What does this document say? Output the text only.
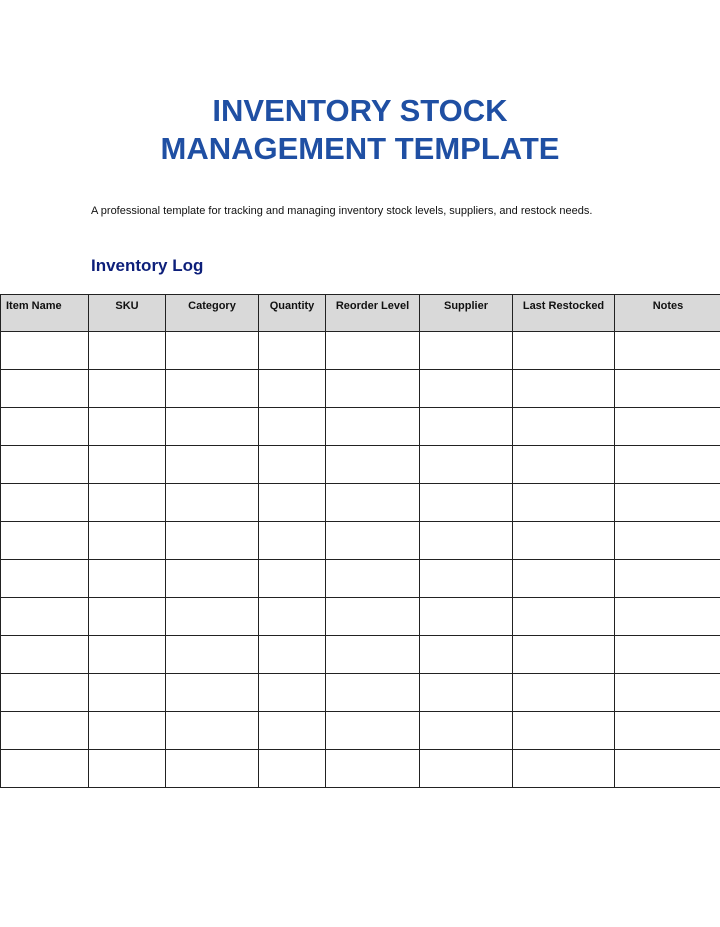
INVENTORY STOCK
MANAGEMENT TEMPLATE
A professional template for tracking and managing inventory stock levels, suppliers, and restock needs.
Inventory Log
Item Name	SKU	Category	Quantity	Reorder Level	Supplier	Last Restocked	Notes
